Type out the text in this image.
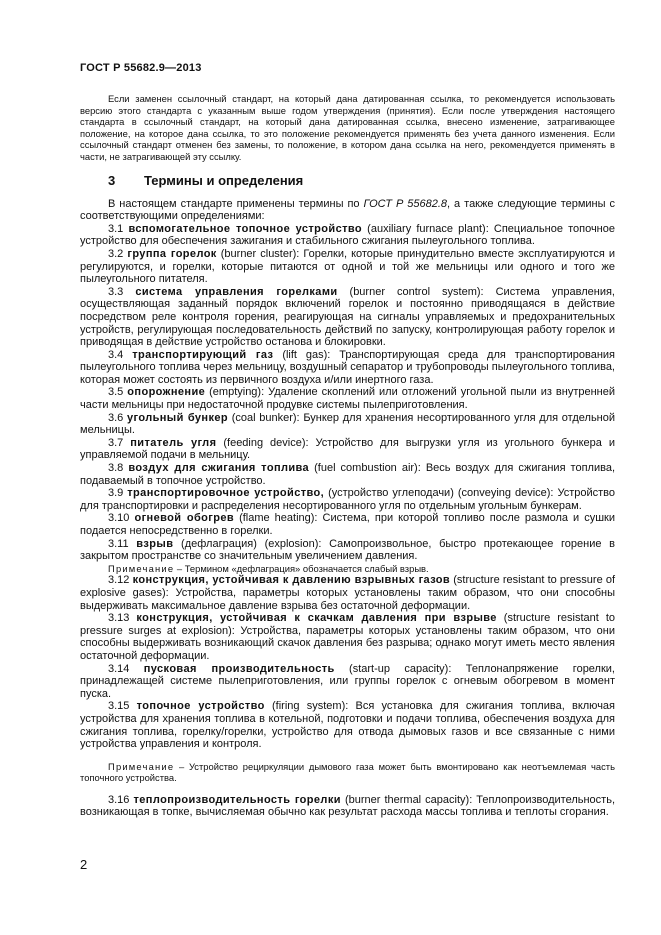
ГОСТ Р 55682.9—2013

Если заменен ссылочный стандарт, на который дана датированная ссылка, то рекомендуется использовать версию этого стандарта с указанным выше годом утверждения (принятия). Если после утверждения настоящего стандарта в ссылочный стандарт, на который дана датированная ссылка, внесено изменение, затрагивающее положение, на которое дана ссылка, то это положение рекомендуется применять без учета данного изменения. Если ссылочный стандарт отменен без замены, то положение, в котором дана ссылка на него, рекомендуется применять в части, не затрагивающей эту ссылку.

3	Термины и определения

В настоящем стандарте применены термины по ГОСТ Р 55682.8, а также следующие термины с соответствующими определениями:

3.1 вспомогательное топочное устройство (auxiliary furnace plant): Специальное топочное устройство для обеспечения зажигания и стабильного сжигания пылеугольного топлива.

3.2 группа горелок (burner cluster): Горелки, которые принудительно вместе эксплуатируются и регулируются, и горелки, которые питаются от одной и той же мельницы или одного и того же пылеугольного питателя.

3.3 система управления горелками (burner control system): Система управления, осуществляющая заданный порядок включений горелок и постоянно приводящаяся в действие посредством реле контроля горения, реагирующая на сигналы управляемых и предохранительных устройств, регулирующая последовательность действий по запуску, контролирующая работу горелок и приводящая в действие устройство останова и блокировки.

3.4 транспортирующий газ (lift gas): Транспортирующая среда для транспортирования пылеугольного топлива через мельницу, воздушный сепаратор и трубопроводы пылеугольного топлива, которая может состоять из первичного воздуха и/или инертного газа.

3.5 опорожнение (emptying): Удаление скоплений или отложений угольной пыли из внутренней части мельницы при недостаточной продувке системы пылеприготовления.

3.6 угольный бункер (coal bunker): Бункер для хранения несортированного угля для отдельной мельницы.

3.7 питатель угля (feeding device): Устройство для выгрузки угля из угольного бункера и управляемой подачи в мельницу.

3.8 воздух для сжигания топлива (fuel combustion air): Весь воздух для сжигания топлива, подаваемый в топочное устройство.

3.9 транспортировочное устройство, (устройство углеподачи) (conveying device): Устройство для транспортировки и распределения несортированного угля по отдельным угольным бункерам.

3.10 огневой обогрев (flame heating): Система, при которой топливо после размола и сушки подается непосредственно в горелки.

3.11 взрыв (дефлаграция) (explosion): Самопроизвольное, быстро протекающее горение в закрытом пространстве со значительным увеличением давления.

Примечание – Термином «дефлаграция» обозначается слабый взрыв.

3.12 конструкция, устойчивая к давлению взрывных газов (structure resistant to pressure of explosive gases): Устройства, параметры которых установлены таким образом, что они способны выдерживать максимальное давление взрыва без остаточной деформации.

3.13 конструкция, устойчивая к скачкам давления при взрыве (structure resistant to pressure surges at explosion): Устройства, параметры которых установлены таким образом, что они способны выдерживать возникающий скачок давления без разрыва; однако могут иметь место явления остаточной деформации.

3.14 пусковая производительность (start-up capacity): Теплонапряжение горелки, принадлежащей системе пылеприготовления, или группы горелок с огневым обогревом в момент пуска.

3.15 топочное устройство (firing system): Вся установка для сжигания топлива, включая устройства для хранения топлива в котельной, подготовки и подачи топлива, обеспечения воздуха для сжигания топлива, горелку/горелки, устройство для отвода дымовых газов и все связанные с ними устройства управления и контроля.

Примечание – Устройство рециркуляции дымового газа может быть вмонтировано как неотъемлемая часть топочного устройства.

3.16 теплопроизводительность горелки (burner thermal capacity): Теплопроизводительность, возникающая в топке, вычисляемая обычно как результат расхода массы топлива и теплоты сгорания.

2
